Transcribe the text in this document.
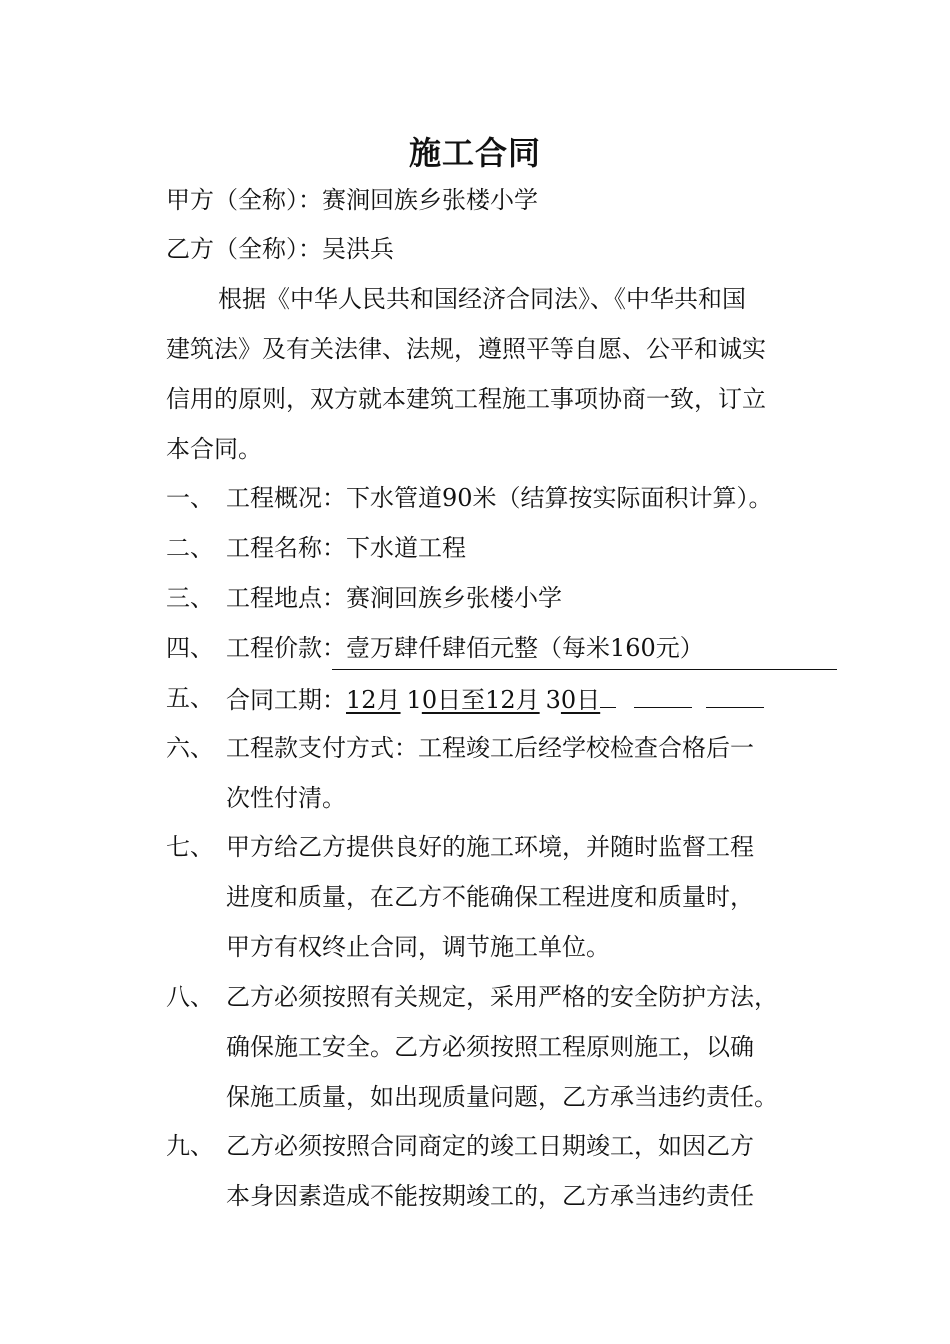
施工合同
甲方（全称）：赛涧回族乡张楼小学
乙方（全称）：吴洪兵
根据《中华人民共和国经济合同法》、《中华共和国
建筑法》及有关法律、法规，遵照平等自愿、公平和诚实
信用的原则，双方就本建筑工程施工事项协商一致，订立
本合同。
一、 工程概况：下水管道90米（结算按实际面积计算）。
二、 工程名称：下水道工程
三、 工程地点：赛涧回族乡张楼小学
四、 工程价款：壹万肆仟肆佰元整（每米160元）
五、 合同工期：12月 10日至12月 30日
六、 工程款支付方式：工程竣工后经学校检查合格后一
次性付清。
七、 甲方给乙方提供良好的施工环境，并随时监督工程
进度和质量，在乙方不能确保工程进度和质量时，
甲方有权终止合同，调节施工单位。
八、 乙方必须按照有关规定，采用严格的安全防护方法，
确保施工安全。乙方必须按照工程原则施工，以确
保施工质量，如出现质量问题，乙方承当违约责任。
九、 乙方必须按照合同商定的竣工日期竣工，如因乙方
本身因素造成不能按期竣工的，乙方承当违约责任
